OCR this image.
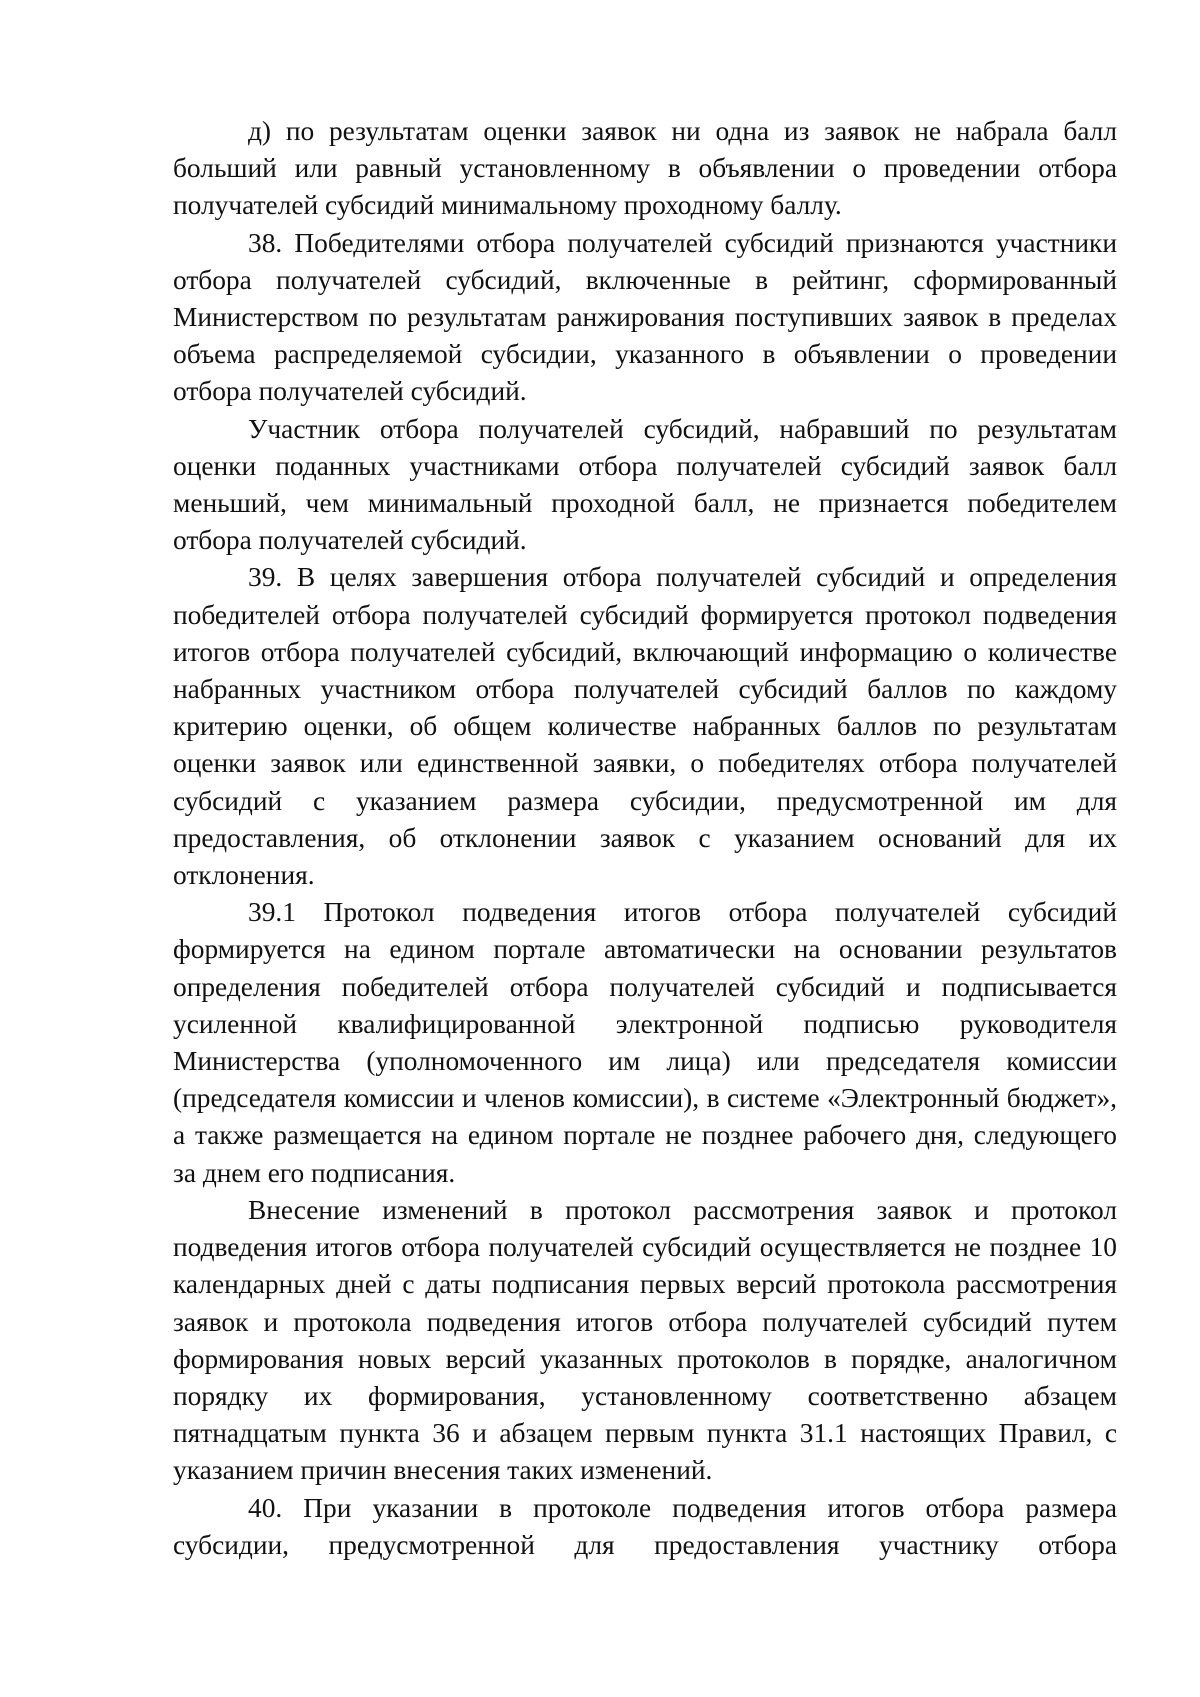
д) по результатам оценки заявок ни одна из заявок не набрала балл больший или равный установленному в объявлении о проведении отбора получателей субсидий минимальному проходному баллу.

38. Победителями отбора получателей субсидий признаются участники отбора получателей субсидий, включенные в рейтинг, сформированный Министерством по результатам ранжирования поступивших заявок в пределах объема распределяемой субсидии, указанного в объявлении о проведении отбора получателей субсидий.

Участник отбора получателей субсидий, набравший по результатам оценки поданных участниками отбора получателей субсидий заявок балл меньший, чем минимальный проходной балл, не признается победителем отбора получателей субсидий.

39. В целях завершения отбора получателей субсидий и определения победителей отбора получателей субсидий формируется протокол подведения итогов отбора получателей субсидий, включающий информацию о количестве набранных участником отбора получателей субсидий баллов по каждому критерию оценки, об общем количестве набранных баллов по результатам оценки заявок или единственной заявки, о победителях отбора получателей субсидий с указанием размера субсидии, предусмотренной им для предоставления, об отклонении заявок с указанием оснований для их отклонения.

39.1 Протокол подведения итогов отбора получателей субсидий формируется на едином портале автоматически на основании результатов определения победителей отбора получателей субсидий и подписывается усиленной квалифицированной электронной подписью руководителя Министерства (уполномоченного им лица) или председателя комиссии (председателя комиссии и членов комиссии), в системе «Электронный бюджет», а также размещается на едином портале не позднее рабочего дня, следующего за днем его подписания.

Внесение изменений в протокол рассмотрения заявок и протокол подведения итогов отбора получателей субсидий осуществляется не позднее 10 календарных дней с даты подписания первых версий протокола рассмотрения заявок и протокола подведения итогов отбора получателей субсидий путем формирования новых версий указанных протоколов в порядке, аналогичном порядку их формирования, установленному соответственно абзацем пятнадцатым пункта 36 и абзацем первым пункта 31.1 настоящих Правил, с указанием причин внесения таких изменений.

40. При указании в протоколе подведения итогов отбора размера субсидии, предусмотренной для предоставления участнику отбора
